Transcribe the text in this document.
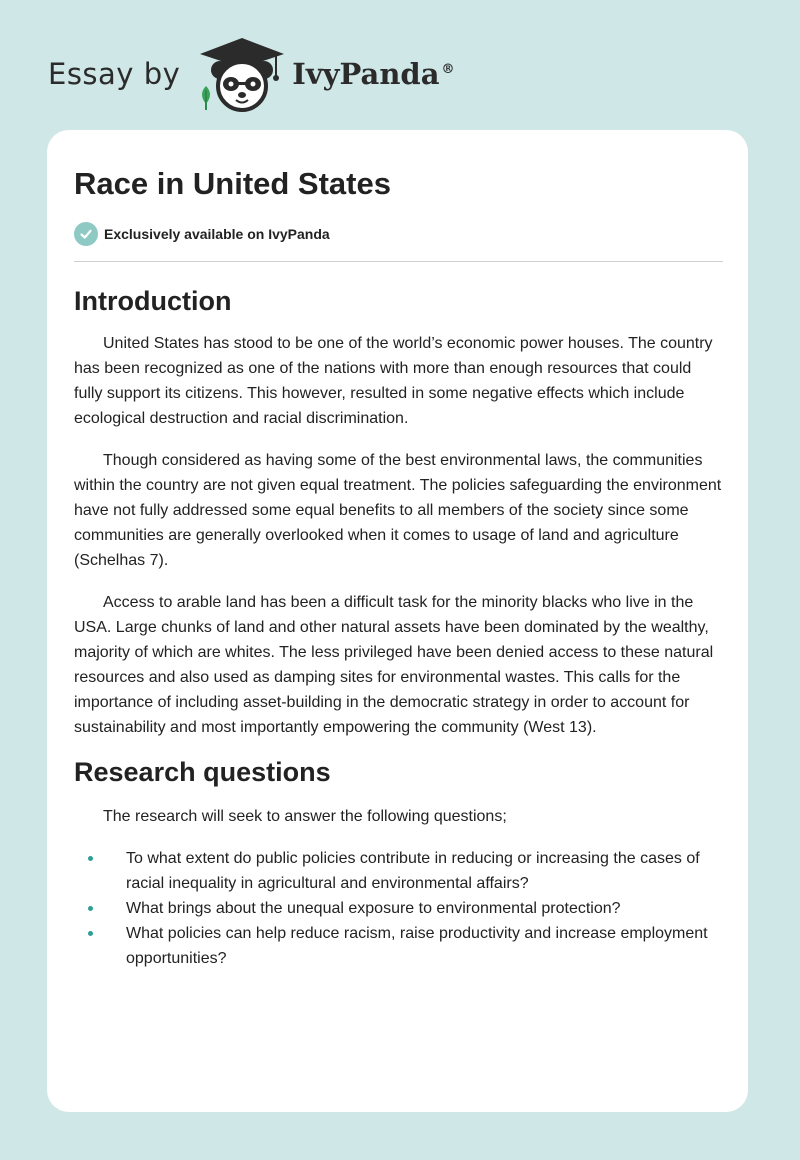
Essay by	IvyPanda ®
Race in United States
Exclusively available on IvyPanda
Introduction

United States has stood to be one of the world’s economic power houses. The country has been recognized as one of the nations with more than enough resources that could fully support its citizens. This however, resulted in some negative effects which include ecological destruction and racial discrimination.

Though considered as having some of the best environmental laws, the communities within the country are not given equal treatment. The policies safeguarding the environment have not fully addressed some equal benefits to all members of the society since some communities are generally overlooked when it comes to usage of land and agriculture (Schelhas 7).

Access to arable land has been a difficult task for the minority blacks who live in the USA. Large chunks of land and other natural assets have been dominated by the wealthy, majority of which are whites. The less privileged have been denied access to these natural resources and also used as damping sites for environmental wastes. This calls for the importance of including asset-building in the democratic strategy in order to account for sustainability and most importantly empowering the community (West 13).

Research questions

The research will seek to answer the following questions;

To what extent do public policies contribute in reducing or increasing the cases of racial inequality in agricultural and environmental affairs?
What brings about the unequal exposure to environmental protection?
What policies can help reduce racism, raise productivity and increase employment opportunities?
